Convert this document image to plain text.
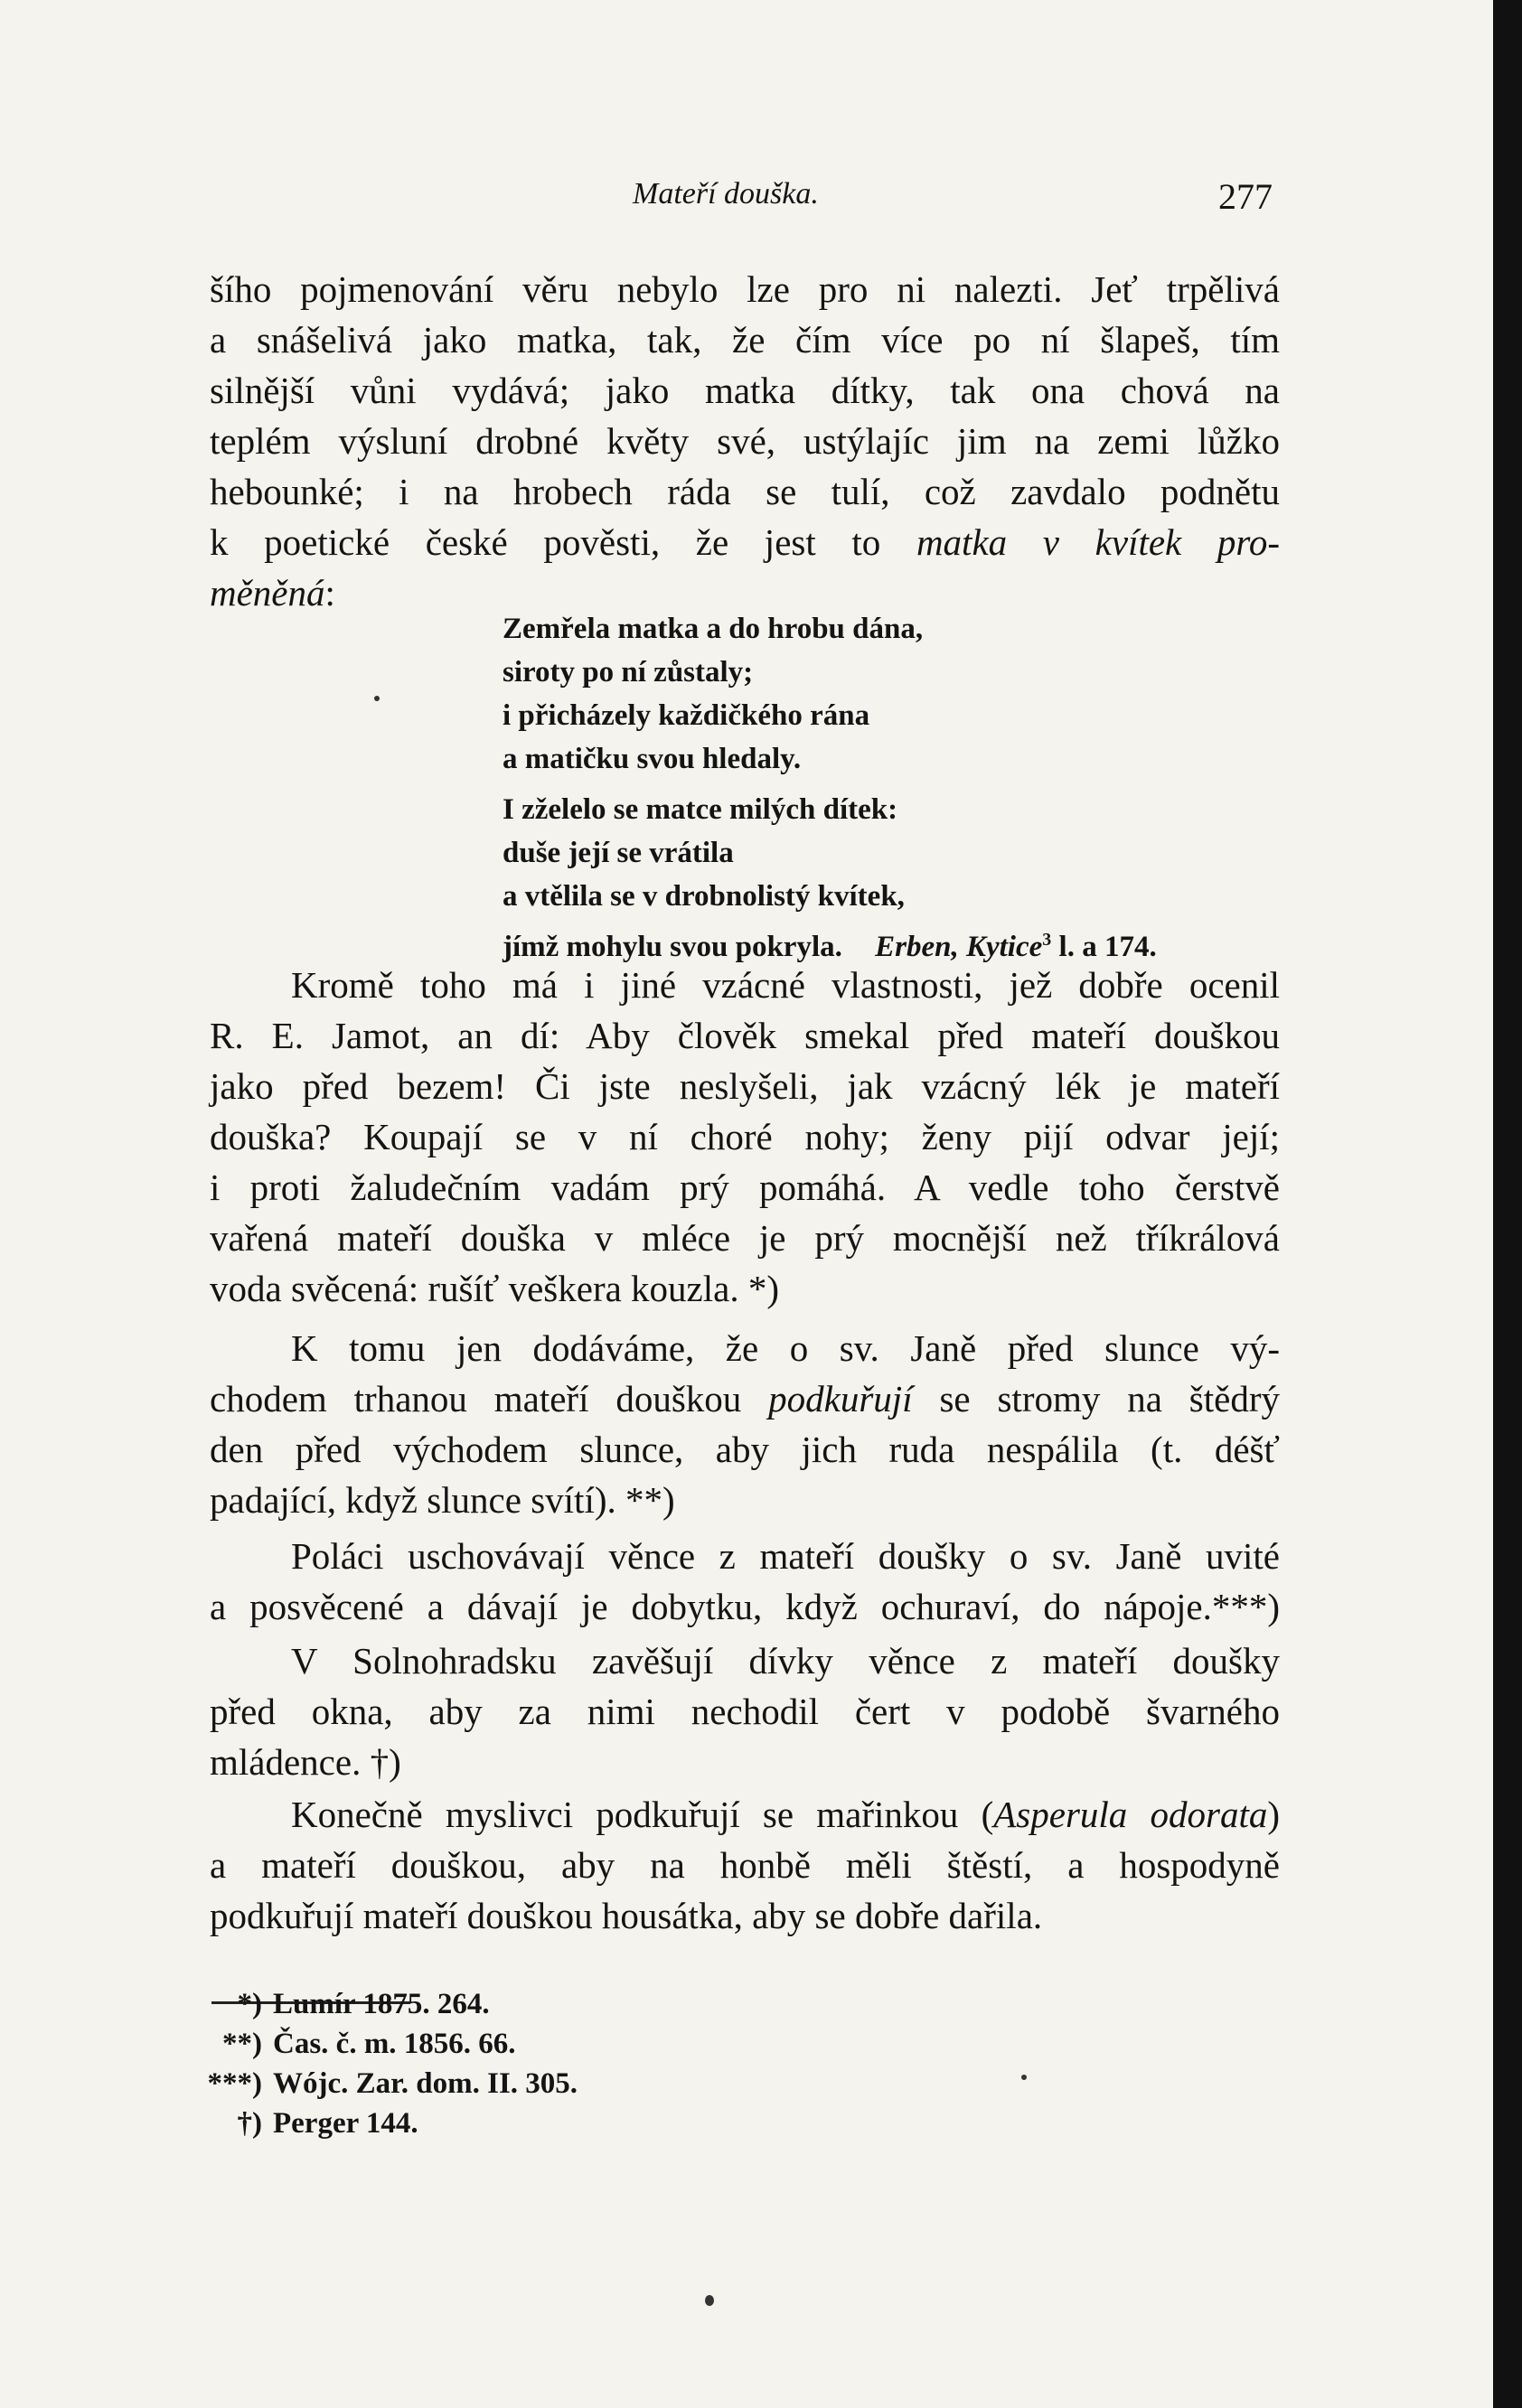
Mateří douška.	277
šího pojmenování věru nebylo lze pro ni nalezti. Jeť trpělivá
a snášelivá jako matka, tak, že čím více po ní šlapeš, tím
silnější vůni vydává; jako matka dítky, tak ona chová na
teplém výsluní drobné květy své, ustýlajíc jim na zemi lůžko
hebounké; i na hrobech ráda se tulí, což zavdalo podnětu
k poetické české pověsti, že jest to matka v kvítek pro-
měněná:
Zemřela matka a do hrobu dána,
siroty po ní zůstaly;
i přicházely každičkého rána
a matičku svou hledaly.
I zželelo se matce milých dítek:
duše její se vrátila
a vtělila se v drobnolistý kvítek,
jímž mohylu svou pokryla. Erben, Kytice$^3$ l. a 174.
Kromě toho má i jiné vzácné vlastnosti, jež dobře ocenil
R. E. Jamot, an dí: Aby člověk smekal před mateří douškou
jako před bezem! Či jste neslyšeli, jak vzácný lék je mateří
douška? Koupají se v ní choré nohy; ženy pijí odvar její;
i proti žaludečním vadám prý pomáhá. A vedle toho čerstvě
vařená mateří douška v mléce je prý mocnější než tříkrálová
voda svěcená: rušíť veškera kouzla. *)
K tomu jen dodáváme, že o sv. Janě před slunce vý-
chodem trhanou mateří douškou podkuřují se stromy na štědrý
den před východem slunce, aby jich ruda nespálila (t. déšť
padající, když slunce svítí). **)
Poláci uschovávají věnce z mateří doušky o sv. Janě uvité
a posvěcené a dávají je dobytku, když ochuraví, do nápoje.***)
V Solnohradsku zavěšují dívky věnce z mateří doušky
před okna, aby za nimi nechodil čert v podobě švarného
mládence. †)
Konečně myslivci podkuřují se mařinkou (Asperula odorata)
a mateří douškou, aby na honbě měli štěstí, a hospodyně
podkuřují mateří douškou housátka, aby se dobře dařila.
*) Lumír 1875. 264.
**) Čas. č. m. 1856. 66.
***) Wójc. Zar. dom. II. 305.
†) Perger 144.
